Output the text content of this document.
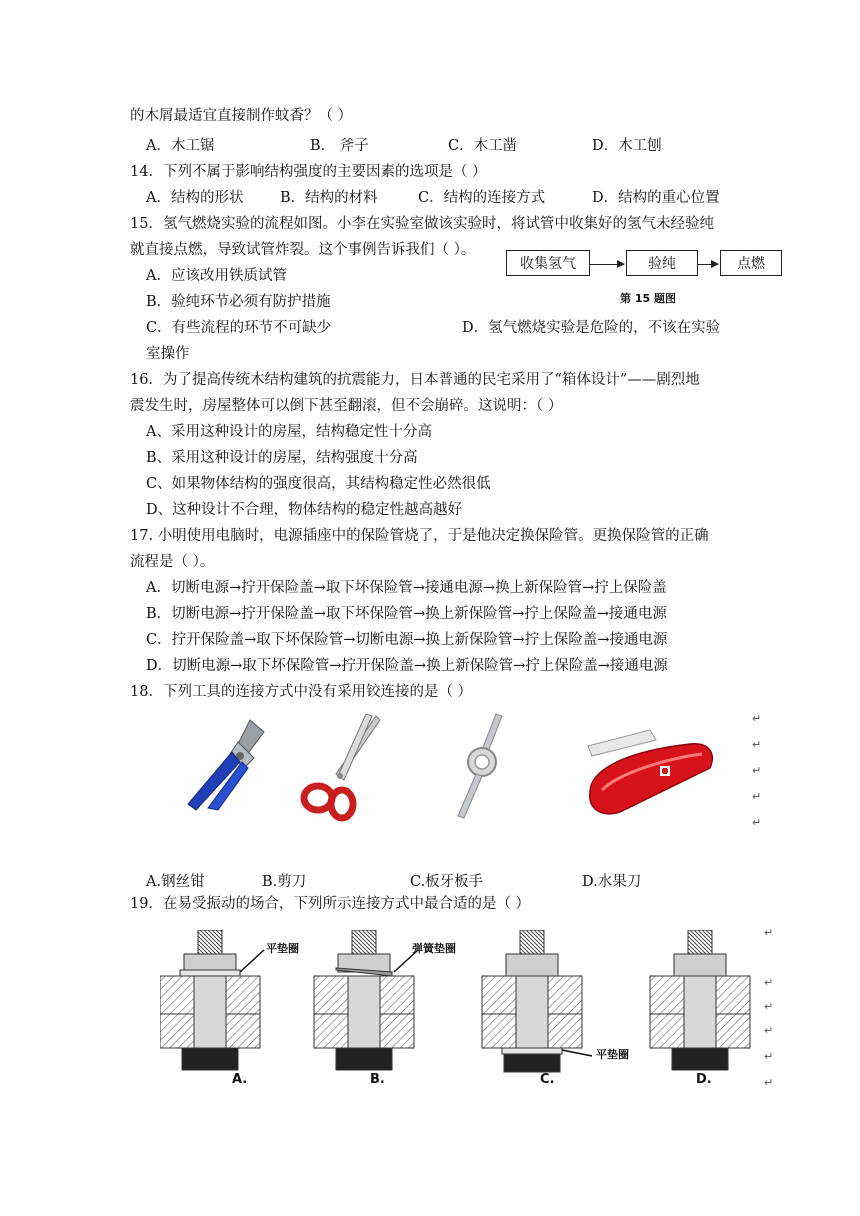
的木屑最适宜直接制作蚊香？（ ）
A．木工锯	B． 斧子	C．木工凿	D．木工刨
14．下列不属于影响结构强度的主要因素的选项是（ ）
A．结构的形状	B．结构的材料	C．结构的连接方式	D．结构的重心位置
15．氢气燃烧实验的流程如图。小李在实验室做该实验时，将试管中收集好的氢气未经验纯
就直接点燃，导致试管炸裂。这个事例告诉我们（ ）。
A．应该改用铁质试管
B．验纯环节必须有防护措施
C．有些流程的环节不可缺少	D．氢气燃烧实验是危险的，不该在实验
室操作
收集氢气	验纯	点燃
第 15 题图
16．为了提高传统木结构建筑的抗震能力，日本普通的民宅采用了“箱体设计”——剧烈地
震发生时，房屋整体可以倒下甚至翻滚，但不会崩碎。这说明：（ ）
A、采用这种设计的房屋，结构稳定性十分高
B、采用这种设计的房屋，结构强度十分高
C、如果物体结构的强度很高，其结构稳定性必然很低
D、这种设计不合理，物体结构的稳定性越高越好
17. 小明使用电脑时，电源插座中的保险管烧了，于是他决定换保险管。更换保险管的正确
流程是（ ）。
A．切断电源→拧开保险盖→取下坏保险管→接通电源→换上新保险管→拧上保险盖
B．切断电源→拧开保险盖→取下坏保险管→换上新保险管→拧上保险盖→接通电源
C．拧开保险盖→取下坏保险管→切断电源→换上新保险管→拧上保险盖→接通电源
D．切断电源→取下坏保险管→拧开保险盖→换上新保险管→拧上保险盖→接通电源
18．下列工具的连接方式中没有采用铰连接的是（ ）
↵
↵
↵
↵
↵
A.钢丝钳	B.剪刀	C.板牙板手	D.水果刀
19．在易受振动的场合，下列所示连接方式中最合适的是（ ）
平垫圈	弹簧垫圈
平垫圈
A.	B.	C.	D.
↵
↵
↵
↵
↵
↵
